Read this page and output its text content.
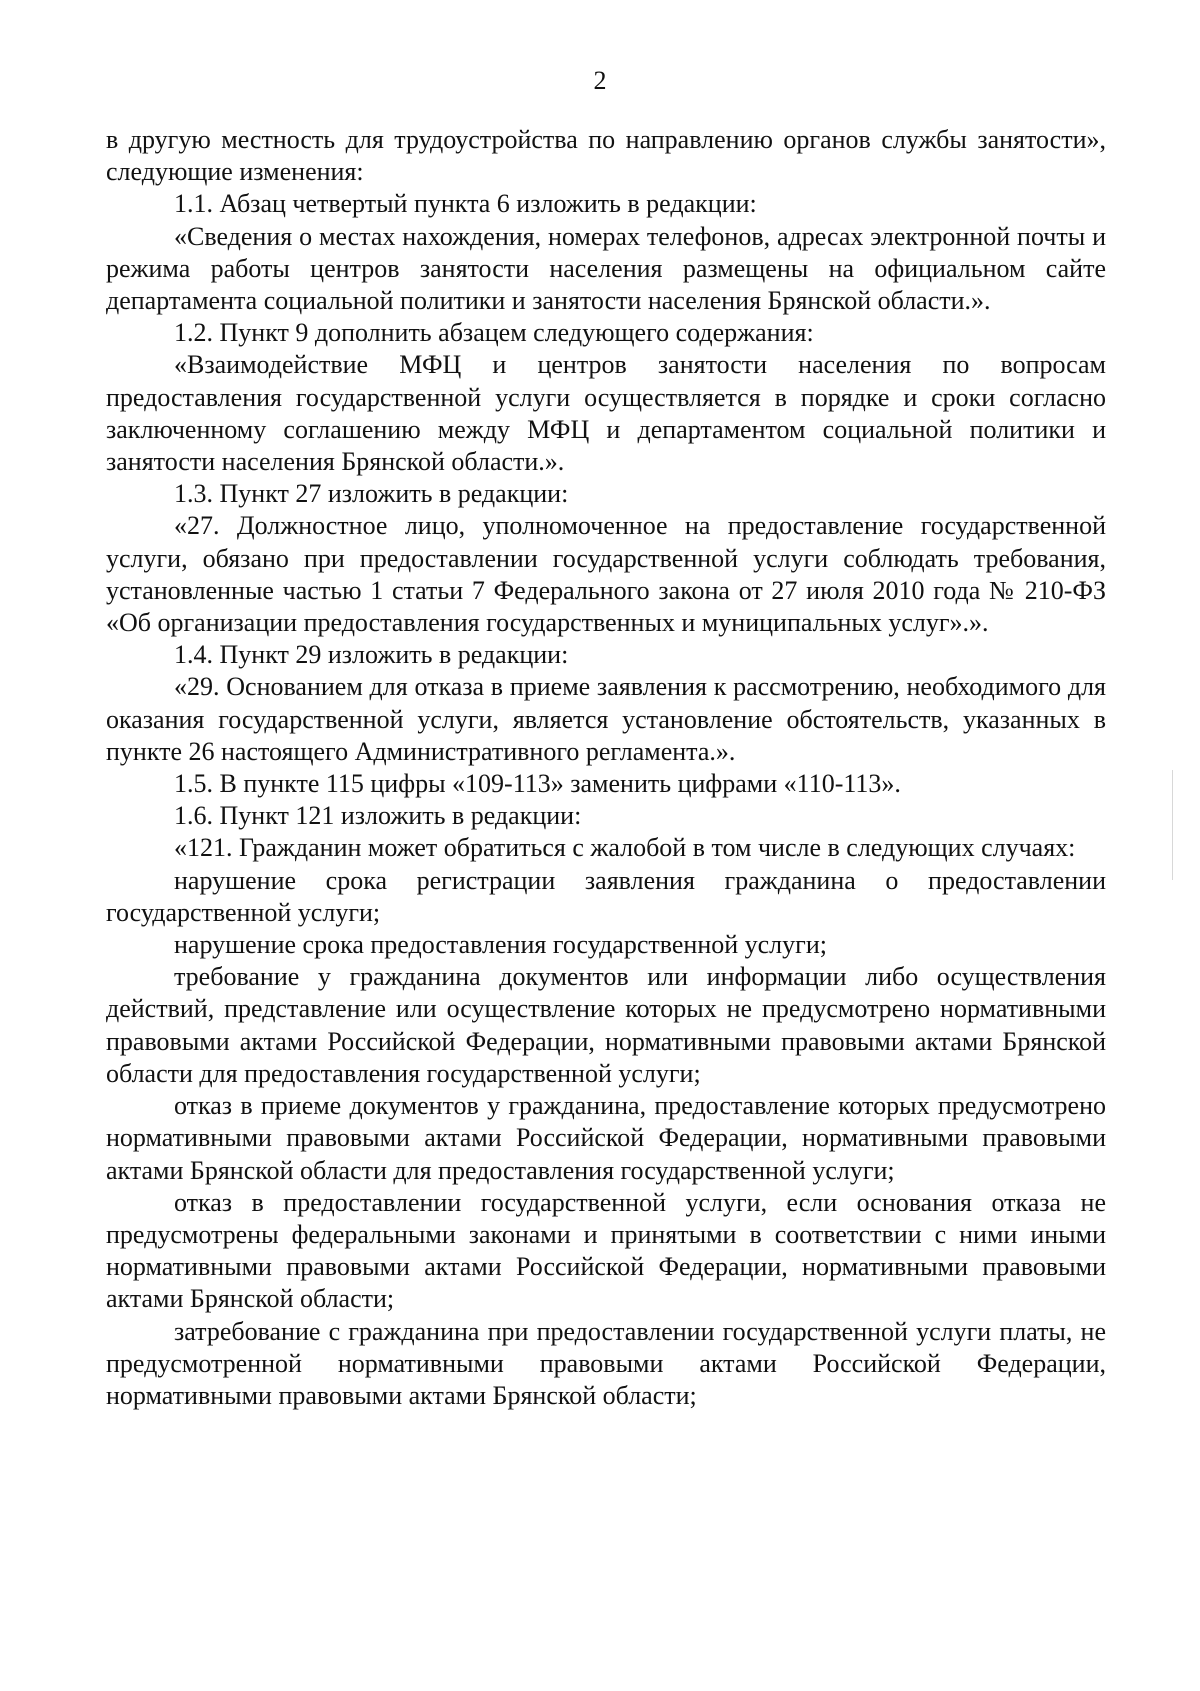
2

в другую местность для трудоустройства по направлению органов службы занятости», следующие изменения:

1.1. Абзац четвертый пункта 6 изложить в редакции:

«Сведения о местах нахождения, номерах телефонов, адресах электронной почты и режима работы центров занятости населения размещены на официальном сайте департамента социальной политики и занятости населения Брянской области.».

1.2. Пункт 9 дополнить абзацем следующего содержания:

«Взаимодействие МФЦ и центров занятости населения по вопросам предоставления государственной услуги осуществляется в порядке и сроки согласно заключенному соглашению между МФЦ и департаментом социальной политики и занятости населения Брянской области.».

1.3. Пункт 27 изложить в редакции:

«27. Должностное лицо, уполномоченное на предоставление государственной услуги, обязано при предоставлении государственной услуги соблюдать требования, установленные частью 1 статьи 7 Федерального закона от 27 июля 2010 года № 210-ФЗ «Об организации предоставления государственных и муниципальных услуг».».

1.4. Пункт 29 изложить в редакции:

«29. Основанием для отказа в приеме заявления к рассмотрению, необходимого для оказания государственной услуги, является установление обстоятельств, указанных в пункте 26 настоящего Административного регламента.».

1.5. В пункте 115 цифры «109-113» заменить цифрами «110-113».

1.6. Пункт 121 изложить в редакции:

«121. Гражданин может обратиться с жалобой в том числе в следующих случаях:

нарушение срока регистрации заявления гражданина о предоставлении государственной услуги;

нарушение срока предоставления государственной услуги;

требование у гражданина документов или информации либо осуществления действий, представление или осуществление которых не предусмотрено нормативными правовыми актами Российской Федерации, нормативными правовыми актами Брянской области для предоставления государственной услуги;

отказ в приеме документов у гражданина, предоставление которых предусмотрено нормативными правовыми актами Российской Федерации, нормативными правовыми актами Брянской области для предоставления государственной услуги;

отказ в предоставлении государственной услуги, если основания отказа не предусмотрены федеральными законами и принятыми в соответствии с ними иными нормативными правовыми актами Российской Федерации, нормативными правовыми актами Брянской области;

затребование с гражданина при предоставлении государственной услуги платы, не предусмотренной нормативными правовыми актами Российской Федерации, нормативными правовыми актами Брянской области;
